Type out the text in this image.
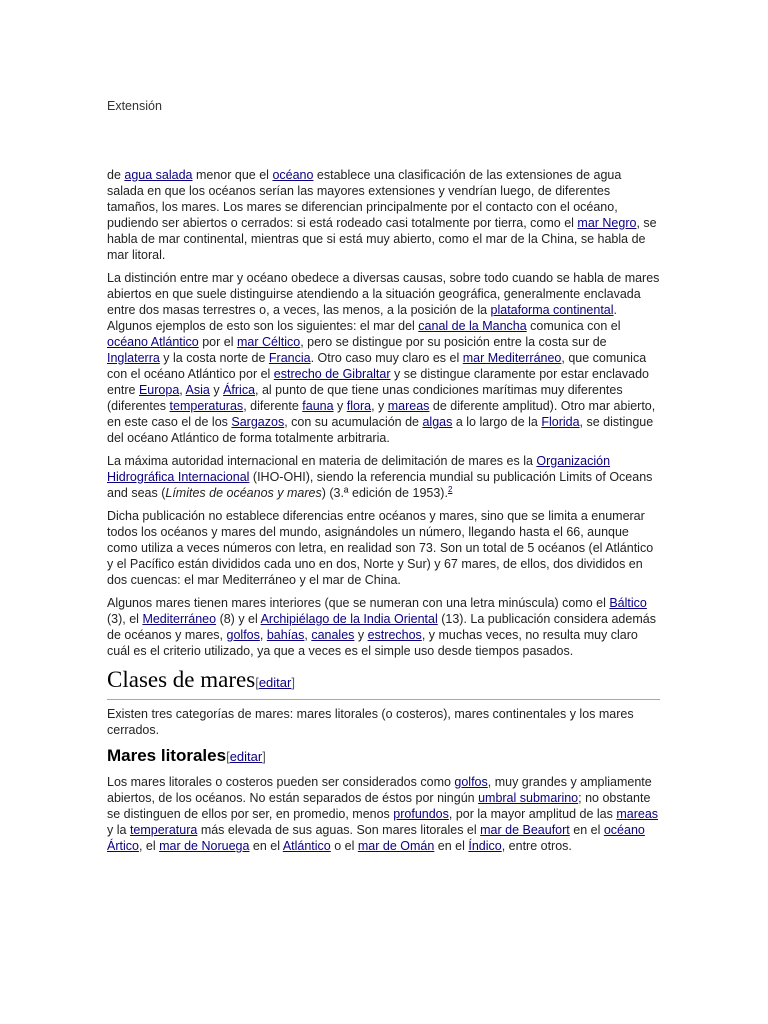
Extensión

de agua salada menor que el océano establece una clasificación de las extensiones de agua salada en que los océanos serían las mayores extensiones y vendrían luego, de diferentes tamaños, los mares. Los mares se diferencian principalmente por el contacto con el océano, pudiendo ser abiertos o cerrados: si está rodeado casi totalmente por tierra, como el mar Negro, se habla de mar continental, mientras que si está muy abierto, como el mar de la China, se habla de mar litoral.

La distinción entre mar y océano obedece a diversas causas, sobre todo cuando se habla de mares abiertos en que suele distinguirse atendiendo a la situación geográfica, generalmente enclavada entre dos masas terrestres o, a veces, las menos, a la posición de la plataforma continental. Algunos ejemplos de esto son los siguientes: el mar del canal de la Mancha comunica con el océano Atlántico por el mar Céltico, pero se distingue por su posición entre la costa sur de Inglaterra y la costa norte de Francia. Otro caso muy claro es el mar Mediterráneo, que comunica con el océano Atlántico por el estrecho de Gibraltar y se distingue claramente por estar enclavado entre Europa, Asia y África, al punto de que tiene unas condiciones marítimas muy diferentes (diferentes temperaturas, diferente fauna y flora, y mareas de diferente amplitud). Otro mar abierto, en este caso el de los Sargazos, con su acumulación de algas a lo largo de la Florida, se distingue del océano Atlántico de forma totalmente arbitraria.

La máxima autoridad internacional en materia de delimitación de mares es la Organización Hidrográfica Internacional (IHO-OHI), siendo la referencia mundial su publicación Limits of Oceans and seas (Límites de océanos y mares) (3.ª edición de 1953).$^2$

Dicha publicación no establece diferencias entre océanos y mares, sino que se limita a enumerar todos los océanos y mares del mundo, asignándoles un número, llegando hasta el 66, aunque como utiliza a veces números con letra, en realidad son 73. Son un total de 5 océanos (el Atlántico y el Pacífico están divididos cada uno en dos, Norte y Sur) y 67 mares, de ellos, dos divididos en dos cuencas: el mar Mediterráneo y el mar de China.

Algunos mares tienen mares interiores (que se numeran con una letra minúscula) como el Báltico (3), el Mediterráneo (8) y el Archipiélago de la India Oriental (13). La publicación considera además de océanos y mares, golfos, bahías, canales y estrechos, y muchas veces, no resulta muy claro cuál es el criterio utilizado, ya que a veces es el simple uso desde tiempos pasados.

Clases de mares[editar]

Existen tres categorías de mares: mares litorales (o costeros), mares continentales y los mares cerrados.

Mares litorales[editar]

Los mares litorales o costeros pueden ser considerados como golfos, muy grandes y ampliamente abiertos, de los océanos. No están separados de éstos por ningún umbral submarino; no obstante se distinguen de ellos por ser, en promedio, menos profundos, por la mayor amplitud de las mareas y la temperatura más elevada de sus aguas. Son mares litorales el mar de Beaufort en el océano Ártico, el mar de Noruega en el Atlántico o el mar de Omán en el Índico, entre otros.
